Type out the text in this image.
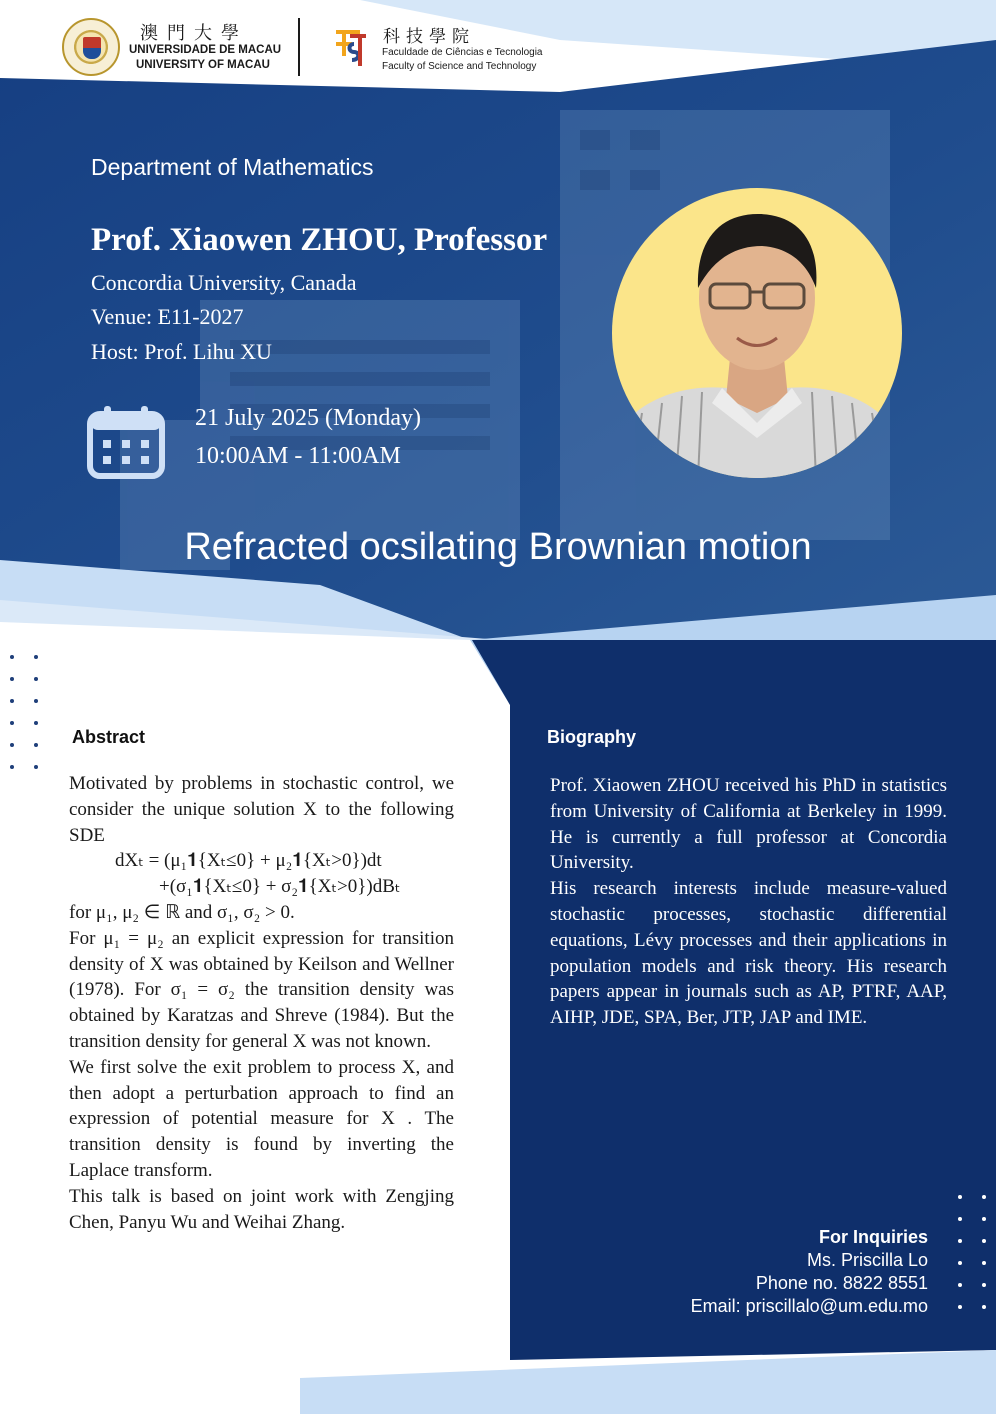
澳門大學
UNIVERSIDADE DE MACAU
UNIVERSITY OF MACAU
科技學院
Faculdade de Ciências e Tecnologia
Faculty of Science and Technology
Department of Mathematics
Prof. Xiaowen ZHOU, Professor
Concordia University, Canada
Venue: E11-2027
Host: Prof. Lihu XU
21 July 2025 (Monday)
10:00AM - 11:00AM
Refracted ocsilating Brownian motion
Abstract

Motivated by problems in stochastic control, we consider the unique solution X to the following SDE

dXₜ = (μ₁𝟏{Xₜ≤0} + μ₂𝟏{Xₜ>0})dt

+(σ₁𝟏{Xₜ≤0} + σ₂𝟏{Xₜ>0})dBₜ

for μ₁, μ₂ ∈ ℝ and σ₁, σ₂ > 0.

For μ₁ = μ₂ an explicit expression for transition density of X was obtained by Keilson and Wellner (1978). For σ₁ = σ₂ the transition density was obtained by Karatzas and Shreve (1984). But the transition density for general X was not known.

We first solve the exit problem to process X, and then adopt a perturbation approach to find an expression of potential measure for X . The transition density is found by inverting the Laplace transform.

This talk is based on joint work with Zengjing Chen, Panyu Wu and Weihai Zhang.

Biography

Prof. Xiaowen ZHOU received his PhD in statistics from University of California at Berkeley in 1999. He is currently a full professor at Concordia University.

His research interests include measure-valued stochastic processes, stochastic differential equations, Lévy processes and their applications in population models and risk theory. His research papers appear in journals such as AP, PTRF, AAP, AIHP, JDE, SPA, Ber, JTP, JAP and IME.

For Inquiries
Ms. Priscilla Lo
Phone no. 8822 8551
Email: priscillalo@um.edu.mo
